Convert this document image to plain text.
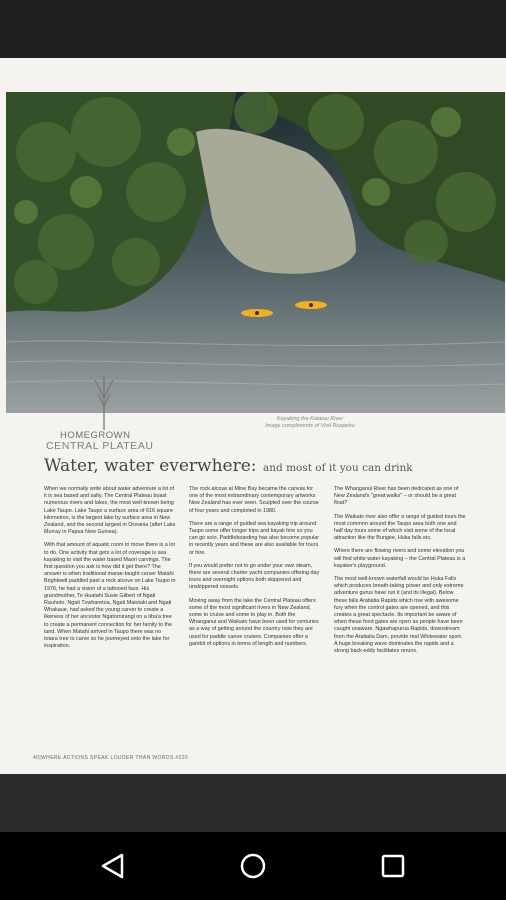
Kayaking the Kaiatau River
Image compliments of Visit Ruapehu
HOMEGROWN
CENTRAL PLATEAU
Water, water everwhere: and most of it you can drink

When we normally write about water adventure a lot of it is sea based and salty. The Central Plateau boast numerous rivers and lakes, the most well-known being Lake Taupo. Lake Taupo a surface area of 616 square kilometres, is the largest lake by surface area in New Zealand, and the second largest in Oceania (after Lake Murray in Papua New Guinea).

With that amount of aquatic room to move there is a lot to do. One activity that gets a lot of coverage is sea kayaking to visit the water based Maori carvings. The first question you ask is how did it get there? The answer is when traditional marae-taught carver Matahi Brightwell paddled past a rock alcove on Lake Taupo in 1976, he had a vision of a tattooed face. His grandmother, Te Huatahi Susie Gilbert of Ngati Rauhoto, Ngati Tuwharetoa, Ngati Maiotaki and Ngati Whakaue, had asked the young carver to create a likeness of her ancestor Ngatoroirangi on a tiba'a tree to create a permanent connection for her family to the land. When Matahi arrived in Taupo there was no totara tree to carve so he journeyed onto the lake for inspiration.

The rock alcove at Mine Bay became the canvas for one of the most extraordinary contemporary artworks New Zealand has ever seen. Sculpted over the course of four years and completed in 1980.

There are a range of guided sea kayaking trip around Taupo some offer longer trips and kayak hire so you can go solo. Paddleboarding has also become popular in recently years and these are also available for tours or hire.

If you would prefer not to go under your own steam, there are several charter yacht companies offering day tours and overnight options both skippered and unskippered vessels.

Moving away from the lake the Central Plateau offers some of the most significant rivers in New Zealand, some to cruise and some to play in. Both the Whanganui and Waikato have been used for centuries as a way of getting around the country now they are used for paddle canoe cruises. Companies offer a gambit of options in terms of length and numbers.

The Whanganui River has been dedicated as one of New Zealand's "great walks" – or should be a great float?

The Waikato river also offer a range of guided tours the most common around the Taupo area both one and half day tours some of which visit some of the local attraction like the Bungee, Huka falls etc.

Where there are flowing rivers and some elevation you will find white water kayaking – the Central Plateau is a kayaker's playground.

The most well-known waterfall would be Huka Falls which produces breath-taking power and only extreme adventure gurus have run it (and its illegal). Below these falls Aratiatia Rapids which rise with awesome fury when the control gates are opened, and this creates a great spectacle. Its important be aware of when these food gates are open as people have been caught unaware. Ngawhapurua Rapids, downstream from the Aratiatia Dam, provide real Whitewater sport. A huge breaking wave dominates the rapids and a strong back-eddy facilitates reruns.

40|WHERE ACTIONS SPEAK LOUDER THAN WORDS #220
